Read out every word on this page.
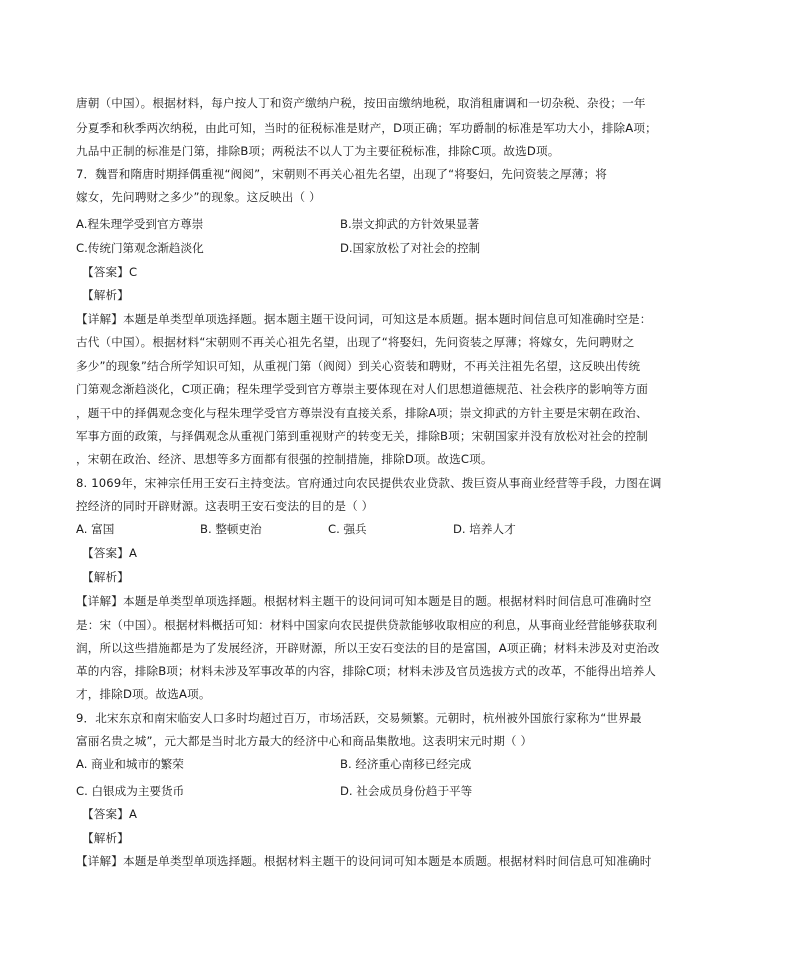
唐朝（中国）。根据材料，每户按人丁和资产缴纳户税，按田亩缴纳地税，取消租庸调和一切杂税、杂役；一年
分夏季和秋季两次纳税，由此可知，当时的征税标准是财产，D项正确；军功爵制的标准是军功大小，排除A项；
九品中正制的标准是门第，排除B项；两税法不以人丁为主要征税标准，排除C项。故选D项。
7．魏晋和隋唐时期择偶重视“阀阅”，宋朝则不再关心祖先名望，出现了“将娶妇，先问资装之厚薄；将
嫁女，先问聘财之多少”的现象。这反映出（ ）
A.程朱理学受到官方尊崇	B.崇文抑武的方针效果显著
C.传统门第观念渐趋淡化	D.国家放松了对社会的控制
【答案】C
【解析】
【详解】本题是单类型单项选择题。据本题主题干设问词，可知这是本质题。据本题时间信息可知准确时空是：
古代（中国）。根据材料“宋朝则不再关心祖先名望，出现了“将娶妇，先问资装之厚薄；将嫁女，先问聘财之
多少”的现象”结合所学知识可知，从重视门第（阀阅）到关心资装和聘财，不再关注祖先名望，这反映出传统
门第观念渐趋淡化，C项正确；程朱理学受到官方尊崇主要体现在对人们思想道德规范、社会秩序的影响等方面
，题干中的择偶观念变化与程朱理学受官方尊崇没有直接关系，排除A项；崇文抑武的方针主要是宋朝在政治、
军事方面的政策，与择偶观念从重视门第到重视财产的转变无关，排除B项；宋朝国家并没有放松对社会的控制
，宋朝在政治、经济、思想等多方面都有很强的控制措施，排除D项。故选C项。
8. 1069年，宋神宗任用王安石主持变法。官府通过向农民提供农业贷款、拨巨资从事商业经营等手段，力图在调
控经济的同时开辟财源。这表明王安石变法的目的是（ ）
A. 富国	B. 整顿吏治	C. 强兵	D. 培养人才
【答案】A
【解析】
【详解】本题是单类型单项选择题。根据材料主题干的设问词可知本题是目的题。根据材料时间信息可准确时空
是：宋（中国）。根据材料概括可知：材料中国家向农民提供贷款能够收取相应的利息，从事商业经营能够获取利
润，所以这些措施都是为了发展经济，开辟财源，所以王安石变法的目的是富国，A项正确；材料未涉及对吏治改
革的内容，排除B项；材料未涉及军事改革的内容，排除C项；材料未涉及官员选拔方式的改革，不能得出培养人
才，排除D项。故选A项。
9．北宋东京和南宋临安人口多时均超过百万，市场活跃，交易频繁。元朝时，杭州被外国旅行家称为“世界最
富丽名贵之城”，元大都是当时北方最大的经济中心和商品集散地。这表明宋元时期（ ）
A. 商业和城市的繁荣	B. 经济重心南移已经完成
C. 白银成为主要货币	D. 社会成员身份趋于平等
【答案】A
【解析】
【详解】本题是单类型单项选择题。根据材料主题干的设问词可知本题是本质题。根据材料时间信息可知准确时
